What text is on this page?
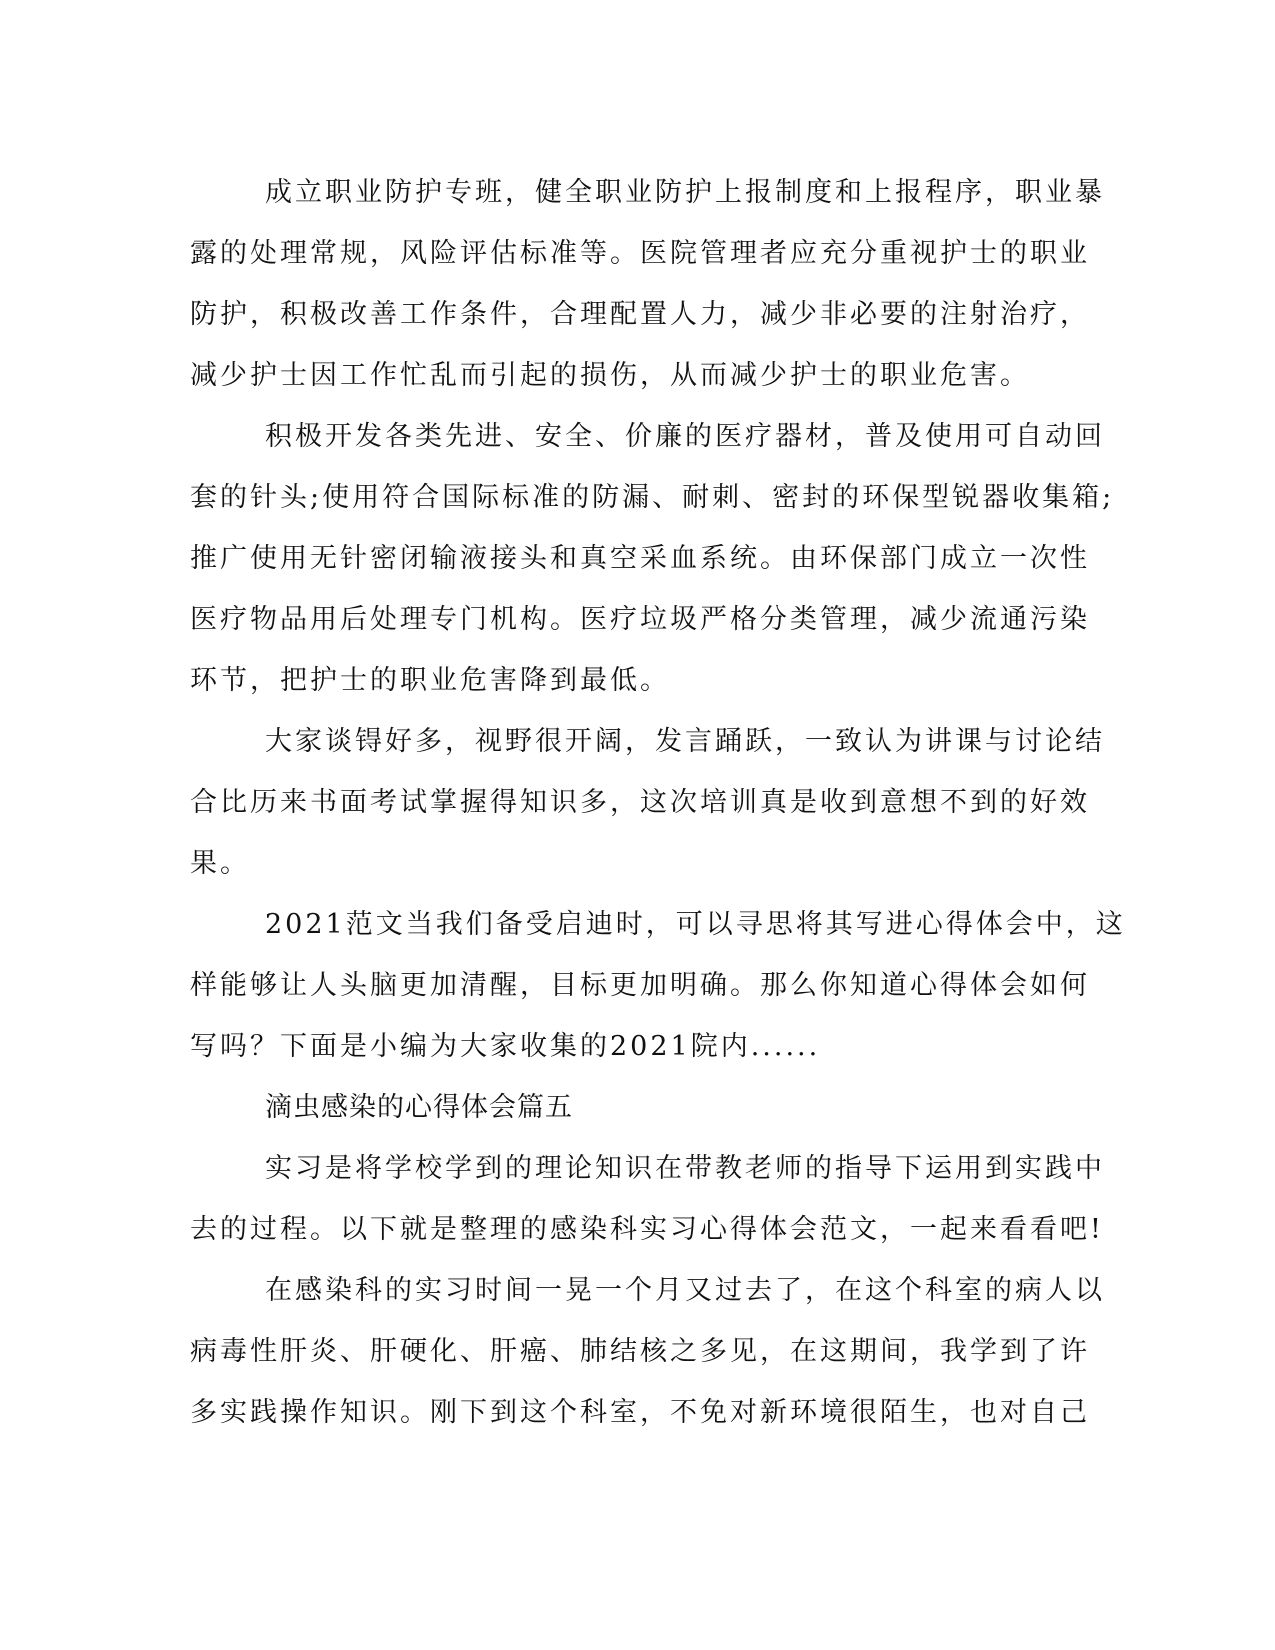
成立职业防护专班，健全职业防护上报制度和上报程序，职业暴
露的处理常规，风险评估标准等。医院管理者应充分重视护士的职业
防护，积极改善工作条件，合理配置人力，减少非必要的注射治疗，
减少护士因工作忙乱而引起的损伤，从而减少护士的职业危害。
积极开发各类先进、安全、价廉的医疗器材，普及使用可自动回
套的针头;使用符合国际标准的防漏、耐刺、密封的环保型锐器收集箱;
推广使用无针密闭输液接头和真空采血系统。由环保部门成立一次性
医疗物品用后处理专门机构。医疗垃圾严格分类管理，减少流通污染
环节，把护士的职业危害降到最低。
大家谈锝好多，视野很开阔，发言踊跃，一致认为讲课与讨论结
合比历来书面考试掌握得知识多，这次培训真是收到意想不到的好效
果。
2021范文当我们备受启迪时，可以寻思将其写进心得体会中，这
样能够让人头脑更加清醒，目标更加明确。那么你知道心得体会如何
写吗？下面是小编为大家收集的2021院内......
滴虫感染的心得体会篇五
实习是将学校学到的理论知识在带教老师的指导下运用到实践中
去的过程。以下就是整理的感染科实习心得体会范文，一起来看看吧!
在感染科的实习时间一晃一个月又过去了，在这个科室的病人以
病毒性肝炎、肝硬化、肝癌、肺结核之多见，在这期间，我学到了许
多实践操作知识。刚下到这个科室，不免对新环境很陌生，也对自己
